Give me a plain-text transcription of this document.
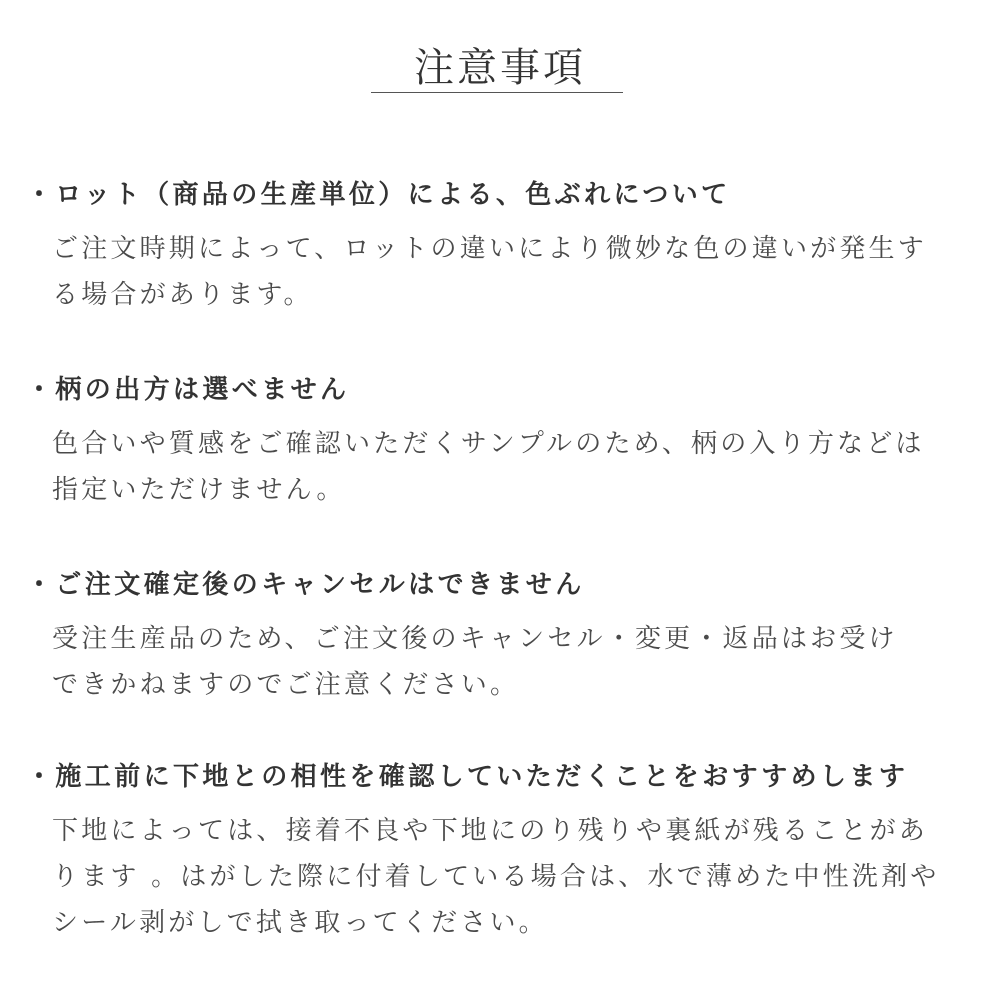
注意事項
・ロット（商品の生産単位）による、色ぶれについて
ご注文時期によって、ロットの違いにより微妙な色の違いが発生す
る場合があります。
・柄の出方は選べません
色合いや質感をご確認いただくサンプルのため、柄の入り方などは
指定いただけません。
・ご注文確定後のキャンセルはできません
受注生産品のため、ご注文後のキャンセル・変更・返品はお受け
できかねますのでご注意ください。
・施工前に下地との相性を確認していただくことをおすすめします
下地によっては、接着不良や下地にのり残りや裏紙が残ることがあ
ります 。はがした際に付着している場合は、水で薄めた中性洗剤や
シール剥がしで拭き取ってください。
